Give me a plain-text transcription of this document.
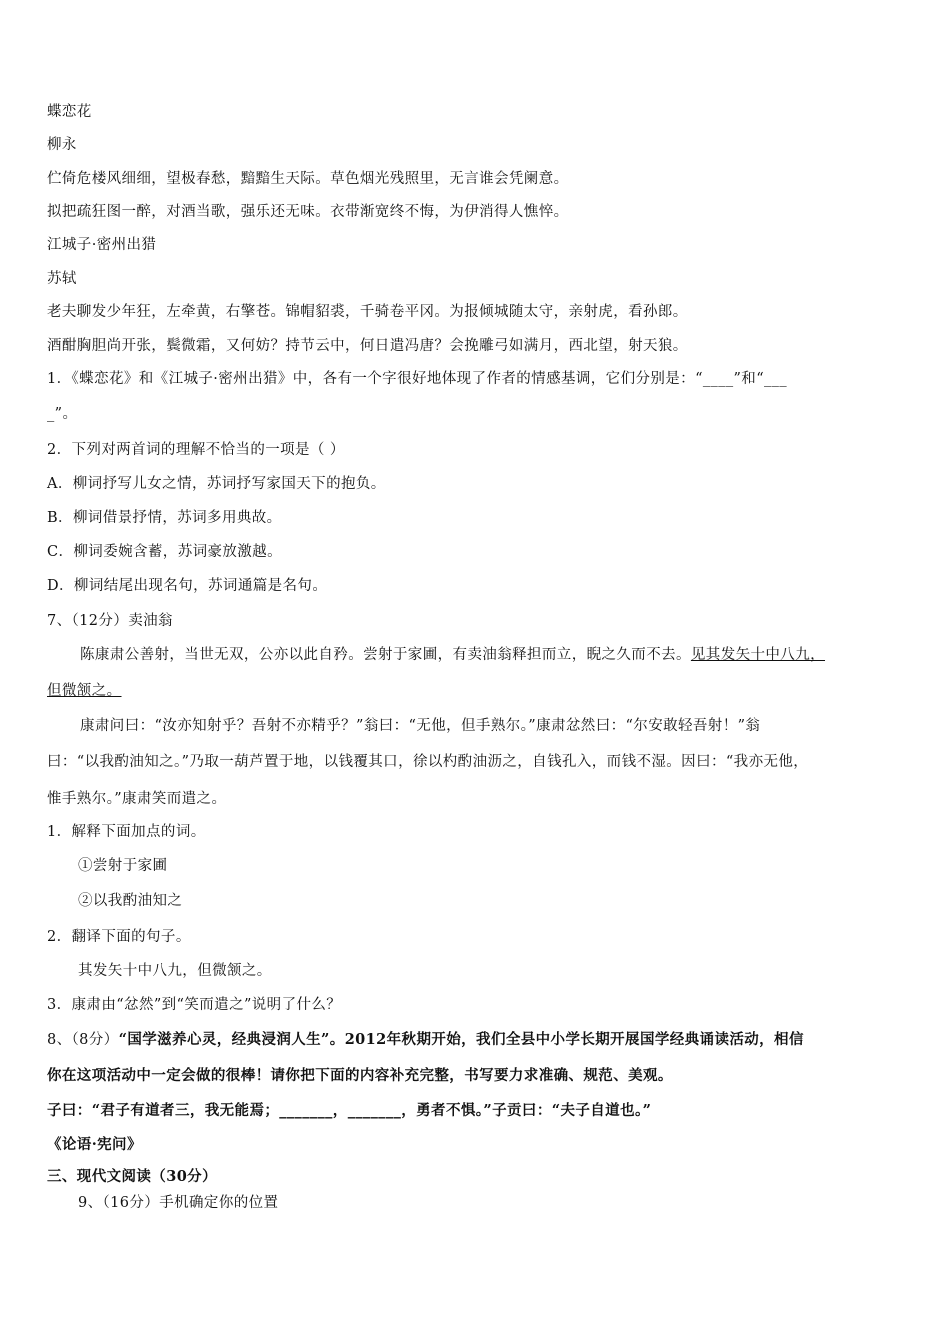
蝶恋花
柳永
伫倚危楼风细细，望极春愁，黯黯生天际。草色烟光残照里，无言谁会凭阑意。
拟把疏狂图一醉，对酒当歌，强乐还无味。衣带渐宽终不悔，为伊消得人憔悴。
江城子·密州出猎
苏轼
老夫聊发少年狂，左牵黄，右擎苍。锦帽貂裘，千骑卷平冈。为报倾城随太守，亲射虎，看孙郎。
酒酣胸胆尚开张，鬓微霜，又何妨？持节云中，何日遣冯唐？会挽雕弓如满月，西北望，射天狼。
1．《蝶恋花》和《江城子·密州出猎》中，各有一个字很好地体现了作者的情感基调，它们分别是：“____”和“___
_”。
2．下列对两首词的理解不恰当的一项是（ ）
A．柳词抒写儿女之情，苏词抒写家国天下的抱负。
B．柳词借景抒情，苏词多用典故。
C．柳词委婉含蓄，苏词豪放激越。
D．柳词结尾出现名句，苏词通篇是名句。
7、（12分）卖油翁
陈康肃公善射，当世无双，公亦以此自矜。尝射于家圃，有卖油翁释担而立，睨之久而不去。见其发矢十中八九，
但微颔之。
康肃问曰：“汝亦知射乎？吾射不亦精乎？”翁曰：“无他，但手熟尔。”康肃忿然曰：“尔安敢轻吾射！”翁
曰：“以我酌油知之。”乃取一葫芦置于地，以钱覆其口，徐以杓酌油沥之，自钱孔入，而钱不湿。因曰：“我亦无他，
惟手熟尔。”康肃笑而遣之。
1．解释下面加点的词。
①尝射于家圃
②以我酌油知之
2．翻译下面的句子。
其发矢十中八九，但微颔之。
3．康肃由“忿然”到“笑而遣之”说明了什么？
8、（8分）“国学滋养心灵，经典浸润人生”。2012年秋期开始，我们全县中小学长期开展国学经典诵读活动，相信
你在这项活动中一定会做的很棒！请你把下面的内容补充完整，书写要力求准确、规范、美观。
子曰：“君子有道者三，我无能焉；_______，_______，勇者不惧。”子贡曰：“夫子自道也。”
《论语·宪问》
三、现代文阅读（30分）
9、（16分）手机确定你的位置
